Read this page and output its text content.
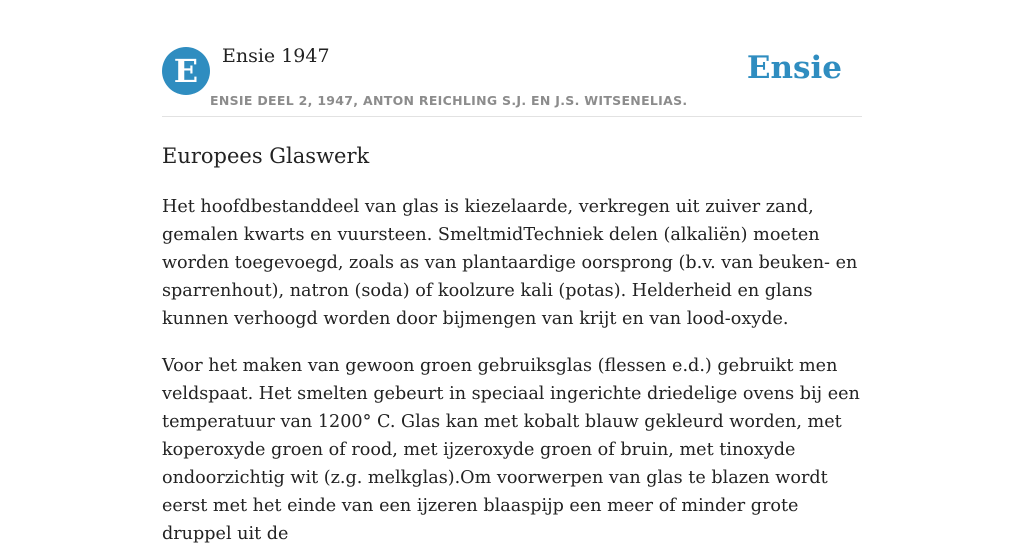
E	Ensie 1947
ENSIE DEEL 2, 1947, ANTON REICHLING S.J. EN J.S. WITSENELIAS.
Ensie
Europees Glaswerk

Het hoofdbestanddeel van glas is kiezelaarde, verkregen uit zuiver zand, gemalen kwarts en vuursteen. SmeltmidTechniek delen (alkaliën) moeten worden toegevoegd, zoals as van plantaardige oorsprong (b.v. van beuken- en sparrenhout), natron (soda) of koolzure kali (potas). Helderheid en glans kunnen verhoogd worden door bijmengen van krijt en van lood-oxyde.

Voor het maken van gewoon groen gebruiksglas (flessen e.d.) gebruikt men veldspaat. Het smelten gebeurt in speciaal ingerichte driedelige ovens bij een temperatuur van 1200° C. Glas kan met kobalt blauw gekleurd worden, met koperoxyde groen of rood, met ijzeroxyde groen of bruin, met tinoxyde ondoorzichtig wit (z.g. melkglas).Om voorwerpen van glas te blazen wordt eerst met het einde van een ijzeren blaaspijp een meer of minder grote druppel uit de
